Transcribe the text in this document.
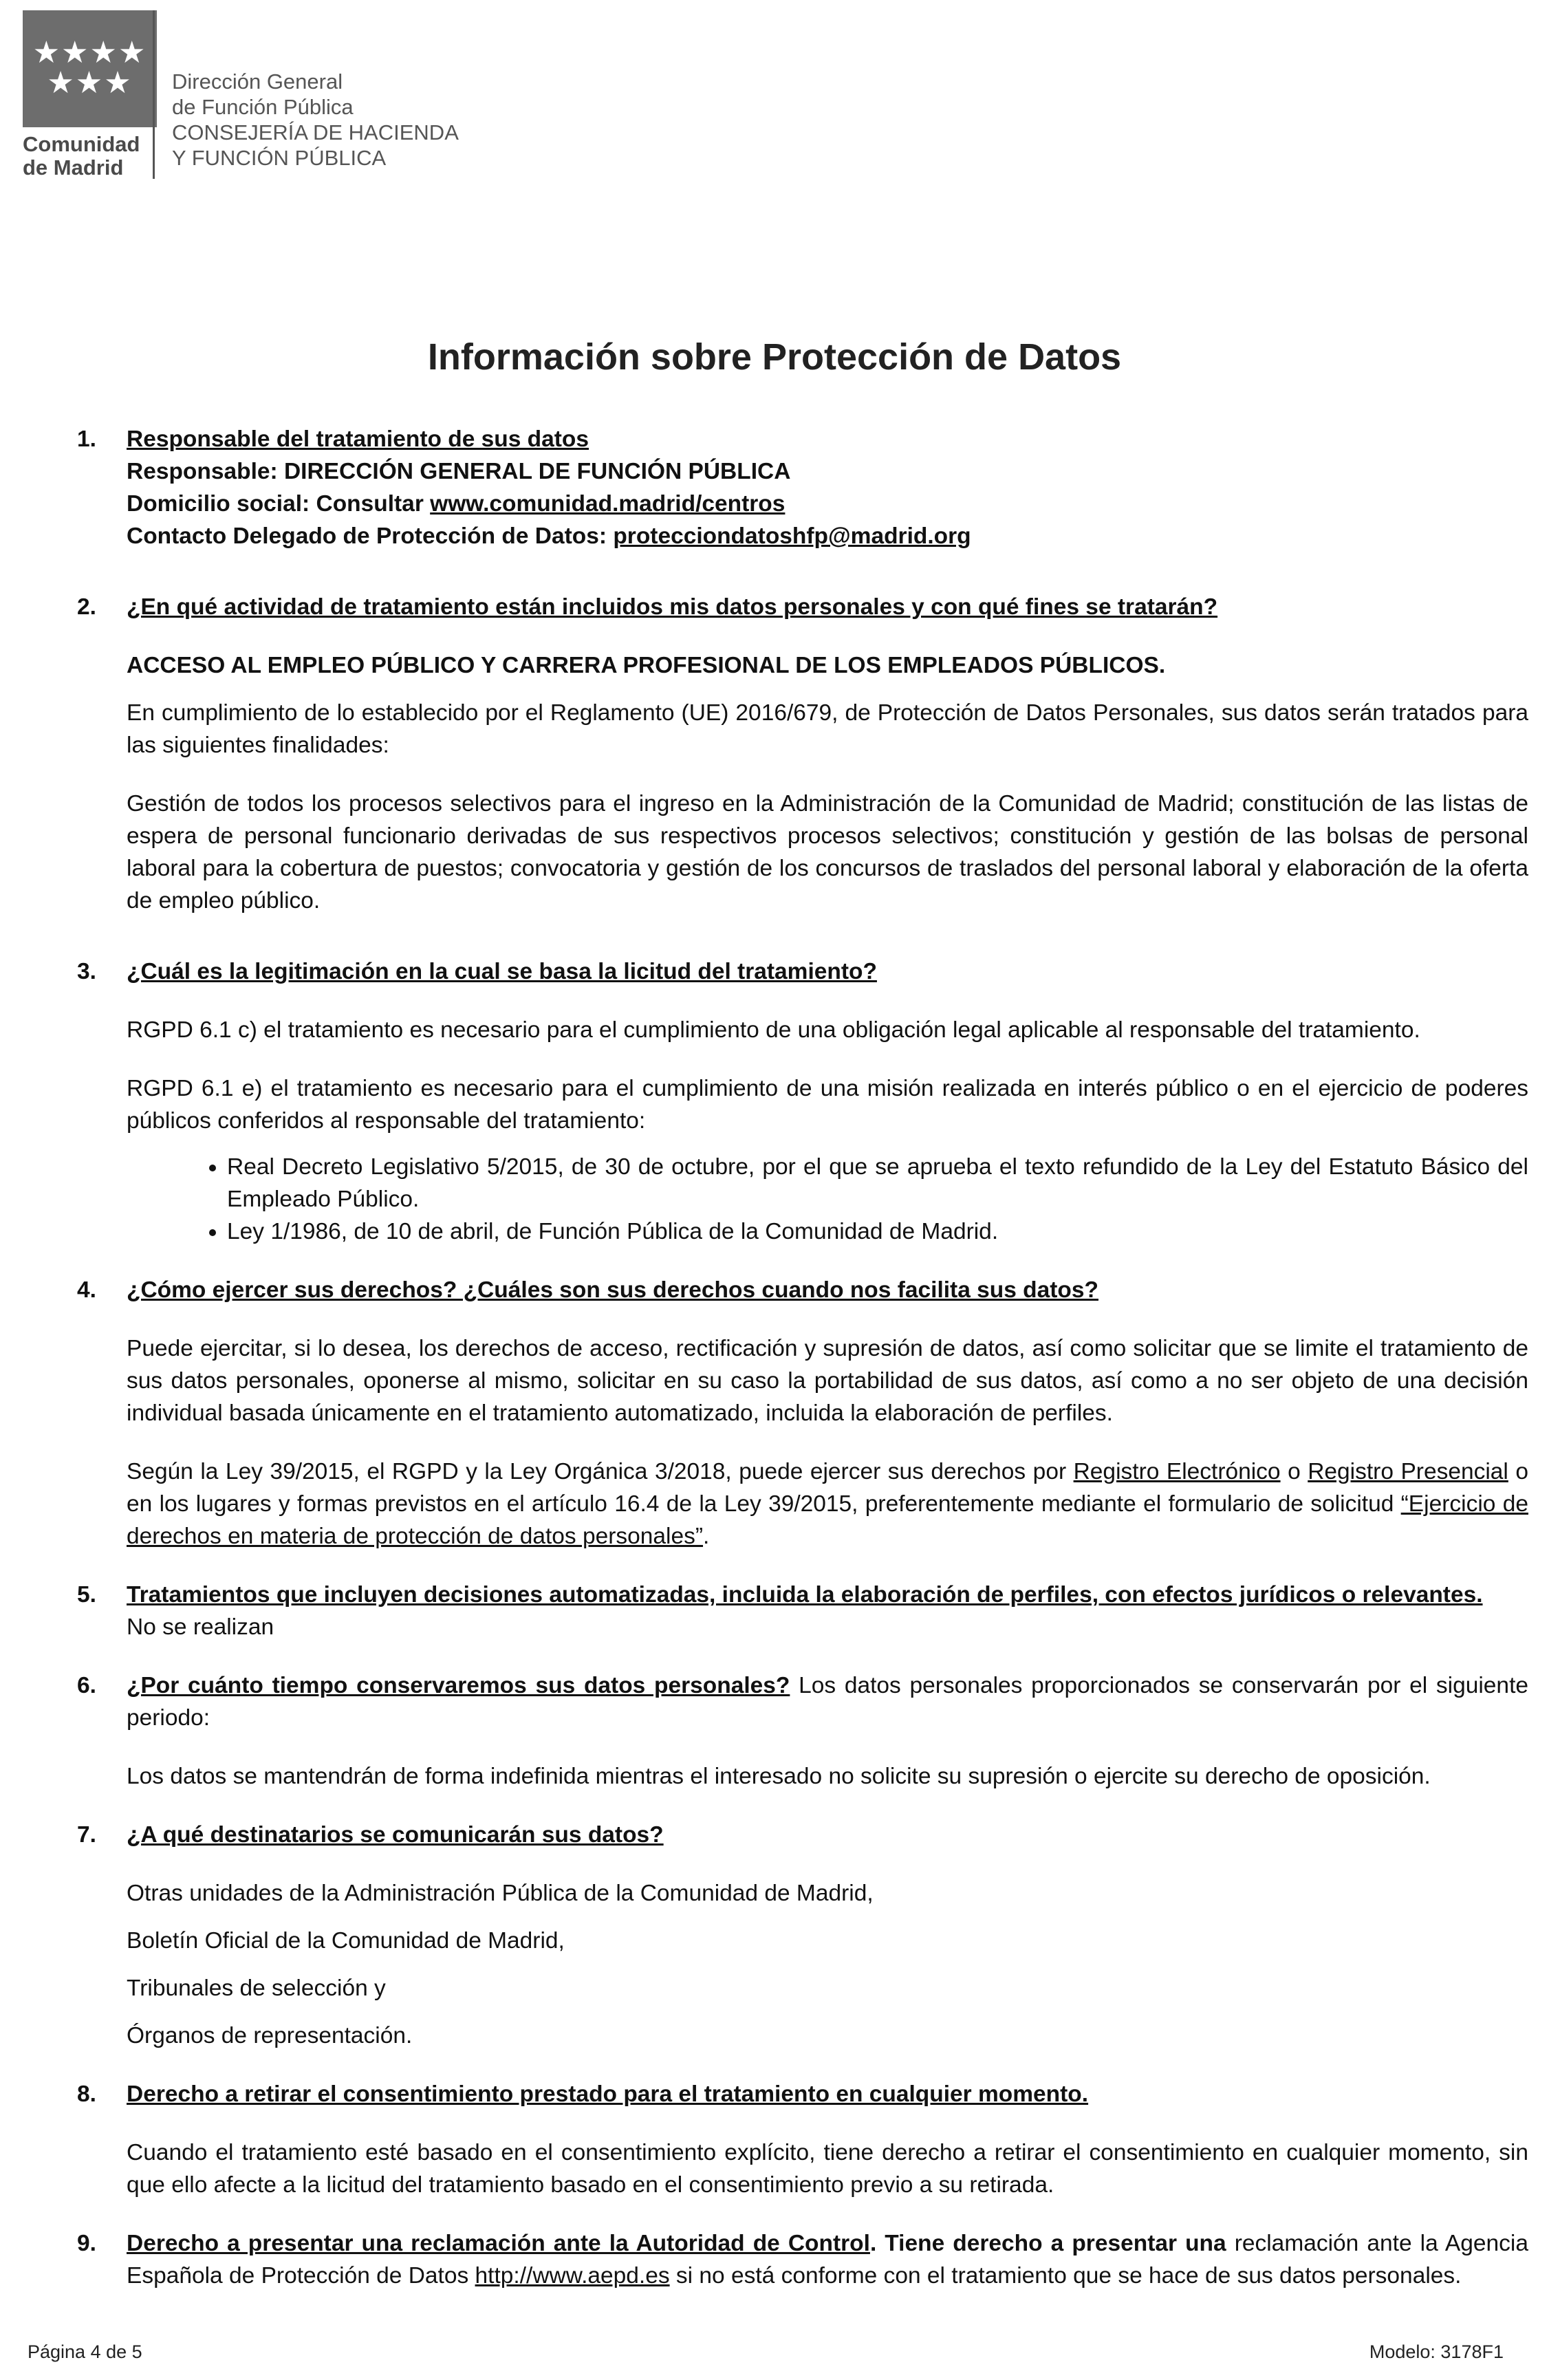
★★★★ ★★★
Comunidad
de Madrid
Dirección General
de Función Pública
CONSEJERÍA DE HACIENDA
Y FUNCIÓN PÚBLICA
Información sobre Protección de Datos
1. Responsable del tratamiento de sus datos

Responsable: DIRECCIÓN GENERAL DE FUNCIÓN PÚBLICA

Domicilio social: Consultar www.comunidad.madrid/centros

Contacto Delegado de Protección de Datos: protecciondatoshfp@madrid.org

2. ¿En qué actividad de tratamiento están incluidos mis datos personales y con qué fines se tratarán?

ACCESO AL EMPLEO PÚBLICO Y CARRERA PROFESIONAL DE LOS EMPLEADOS PÚBLICOS.

En cumplimiento de lo establecido por el Reglamento (UE) 2016/679, de Protección de Datos Personales, sus datos serán tratados para las siguientes finalidades:

Gestión de todos los procesos selectivos para el ingreso en la Administración de la Comunidad de Madrid; constitución de las listas de espera de personal funcionario derivadas de sus respectivos procesos selectivos; constitución y gestión de las bolsas de personal laboral para la cobertura de puestos; convocatoria y gestión de los concursos de traslados del personal laboral y elaboración de la oferta de empleo público.

3. ¿Cuál es la legitimación en la cual se basa la licitud del tratamiento?

RGPD 6.1 c) el tratamiento es necesario para el cumplimiento de una obligación legal aplicable al responsable del tratamiento.

RGPD 6.1 e) el tratamiento es necesario para el cumplimiento de una misión realizada en interés público o en el ejercicio de poderes públicos conferidos al responsable del tratamiento:

• Real Decreto Legislativo 5/2015, de 30 de octubre, por el que se aprueba el texto refundido de la Ley del Estatuto Básico del Empleado Público.
• Ley 1/1986, de 10 de abril, de Función Pública de la Comunidad de Madrid.
4. ¿Cómo ejercer sus derechos? ¿Cuáles son sus derechos cuando nos facilita sus datos?

Puede ejercitar, si lo desea, los derechos de acceso, rectificación y supresión de datos, así como solicitar que se limite el tratamiento de sus datos personales, oponerse al mismo, solicitar en su caso la portabilidad de sus datos, así como a no ser objeto de una decisión individual basada únicamente en el tratamiento automatizado, incluida la elaboración de perfiles.

Según la Ley 39/2015, el RGPD y la Ley Orgánica 3/2018, puede ejercer sus derechos por Registro Electrónico o Registro Presencial o en los lugares y formas previstos en el artículo 16.4 de la Ley 39/2015, preferentemente mediante el formulario de solicitud “Ejercicio de derechos en materia de protección de datos personales”.

5. Tratamientos que incluyen decisiones automatizadas, incluida la elaboración de perfiles, con efectos jurídicos o relevantes.

No se realizan

6. ¿Por cuánto tiempo conservaremos sus datos personales? Los datos personales proporcionados se conservarán por el siguiente periodo:

Los datos se mantendrán de forma indefinida mientras el interesado no solicite su supresión o ejercite su derecho de oposición.

7. ¿A qué destinatarios se comunicarán sus datos?

Otras unidades de la Administración Pública de la Comunidad de Madrid,

Boletín Oficial de la Comunidad de Madrid,

Tribunales de selección y

Órganos de representación.

8. Derecho a retirar el consentimiento prestado para el tratamiento en cualquier momento.

Cuando el tratamiento esté basado en el consentimiento explícito, tiene derecho a retirar el consentimiento en cualquier momento, sin que ello afecte a la licitud del tratamiento basado en el consentimiento previo a su retirada.

9. Derecho a presentar una reclamación ante la Autoridad de Control. Tiene derecho a presentar una reclamación ante la Agencia Española de Protección de Datos http://www.aepd.es si no está conforme con el tratamiento que se hace de sus datos personales.

Página 4 de 5	Modelo: 3178F1
